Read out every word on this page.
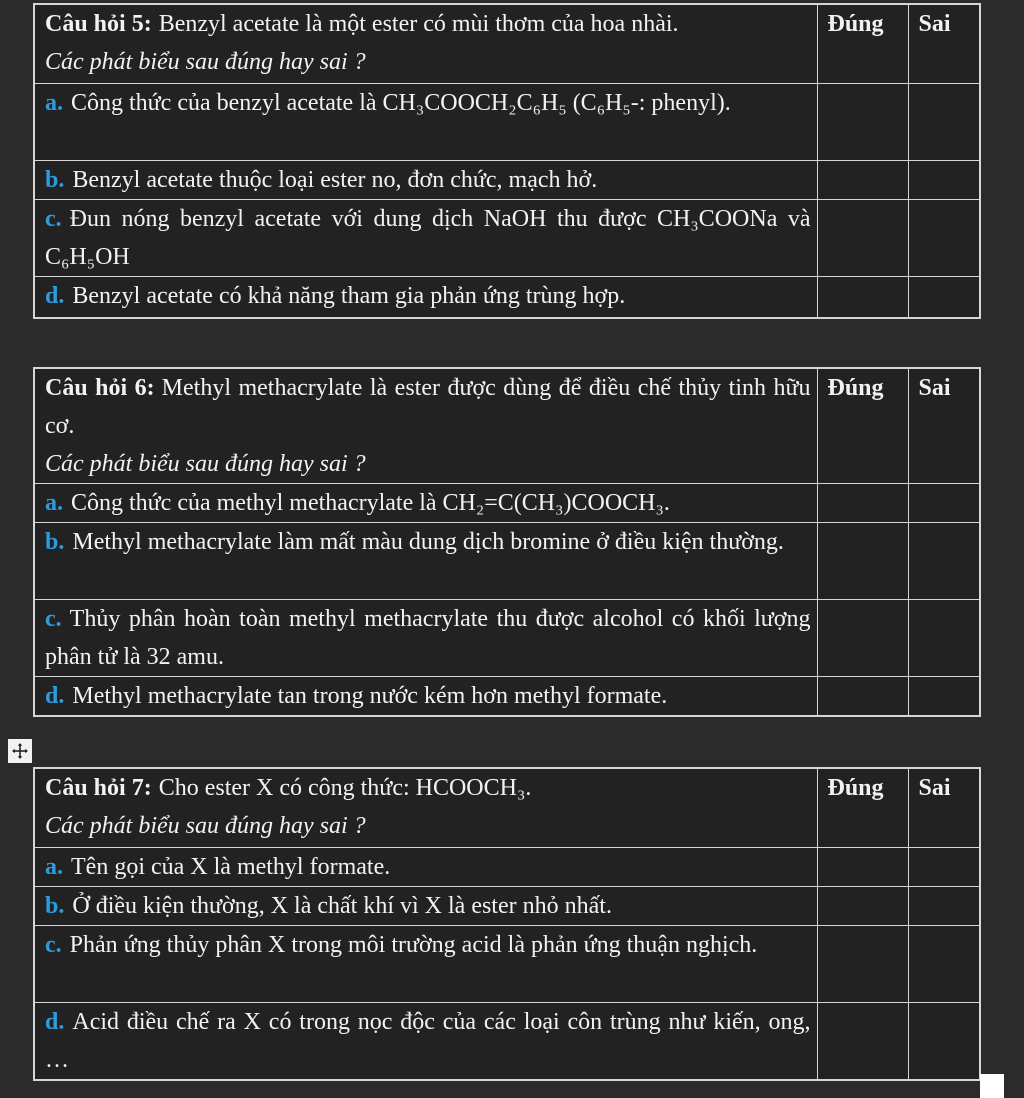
Câu hỏi 5: Benzyl acetate là một ester có mùi thơm của hoa nhài.

Các phát biểu sau đúng hay sai ?	Đúng	Sai

a. Công thức của benzyl acetate là CH₃COOCH₂C₆H₅ (C₆H₅-: phenyl).		

b. Benzyl acetate thuộc loại ester no, đơn chức, mạch hở.		

c. Đun nóng benzyl acetate với dung dịch NaOH thu được CH₃COONa và C₆H₅OH		

d. Benzyl acetate có khả năng tham gia phản ứng trùng hợp.		

Câu hỏi 6: Methyl methacrylate là ester được dùng để điều chế thủy tinh hữu cơ.

Các phát biểu sau đúng hay sai ?	Đúng	Sai

a. Công thức của methyl methacrylate là CH₂=C(CH₃)COOCH₃.		

b. Methyl methacrylate làm mất màu dung dịch bromine ở điều kiện thường.		

c. Thủy phân hoàn toàn methyl methacrylate thu được alcohol có khối lượng phân tử là 32 amu.		

d. Methyl methacrylate tan trong nước kém hơn methyl formate.		

Câu hỏi 7: Cho ester X có công thức: HCOOCH₃.

Các phát biểu sau đúng hay sai ?	Đúng	Sai

a. Tên gọi của X là methyl formate.		

b. Ở điều kiện thường, X là chất khí vì X là ester nhỏ nhất.		

c. Phản ứng thủy phân X trong môi trường acid là phản ứng thuận nghịch.		

d. Acid điều chế ra X có trong nọc độc của các loại côn trùng như kiến, ong, …		
